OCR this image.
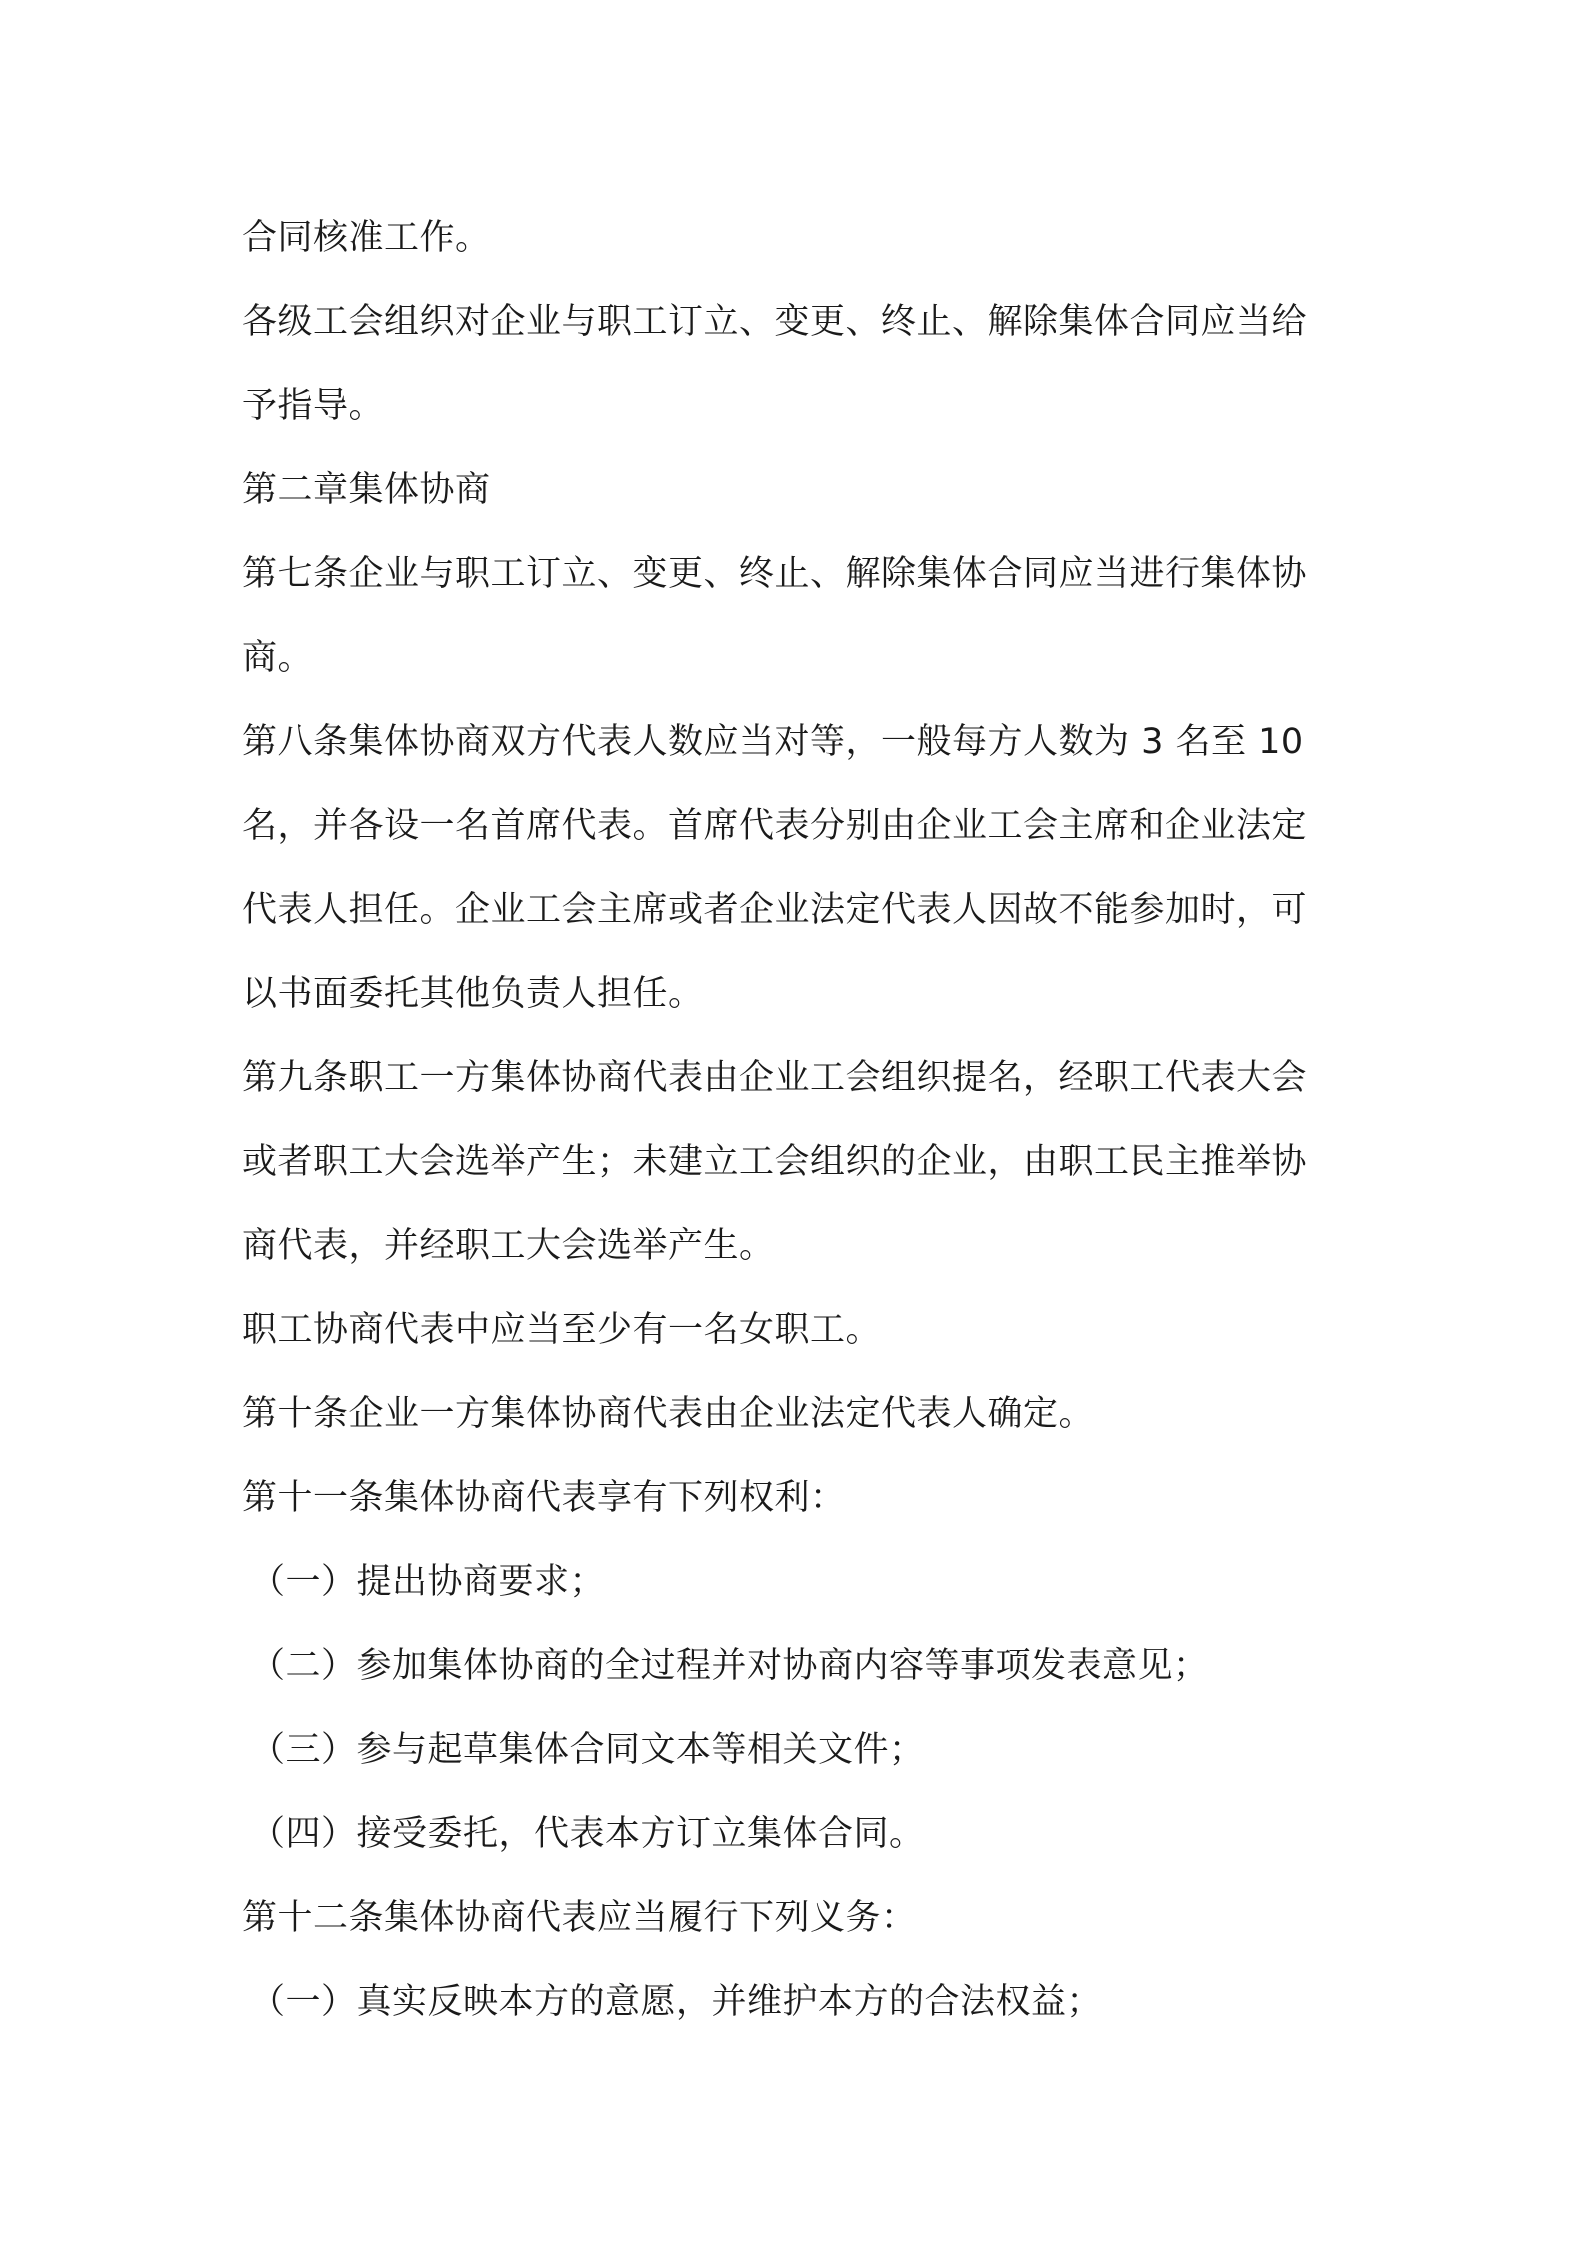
合同核准工作。
各级工会组织对企业与职工订立、变更、终止、解除集体合同应当给
予指导。
第二章集体协商
第七条企业与职工订立、变更、终止、解除集体合同应当进行集体协
商。
第八条集体协商双方代表人数应当对等，一般每方人数为 3 名至 10
名，并各设一名首席代表。首席代表分别由企业工会主席和企业法定
代表人担任。企业工会主席或者企业法定代表人因故不能参加时，可
以书面委托其他负责人担任。
第九条职工一方集体协商代表由企业工会组织提名，经职工代表大会
或者职工大会选举产生；未建立工会组织的企业，由职工民主推举协
商代表，并经职工大会选举产生。
职工协商代表中应当至少有一名女职工。
第十条企业一方集体协商代表由企业法定代表人确定。
第十一条集体协商代表享有下列权利：
（一）提出协商要求；
（二）参加集体协商的全过程并对协商内容等事项发表意见；
（三）参与起草集体合同文本等相关文件；
（四）接受委托，代表本方订立集体合同。
第十二条集体协商代表应当履行下列义务：
（一）真实反映本方的意愿，并维护本方的合法权益；
